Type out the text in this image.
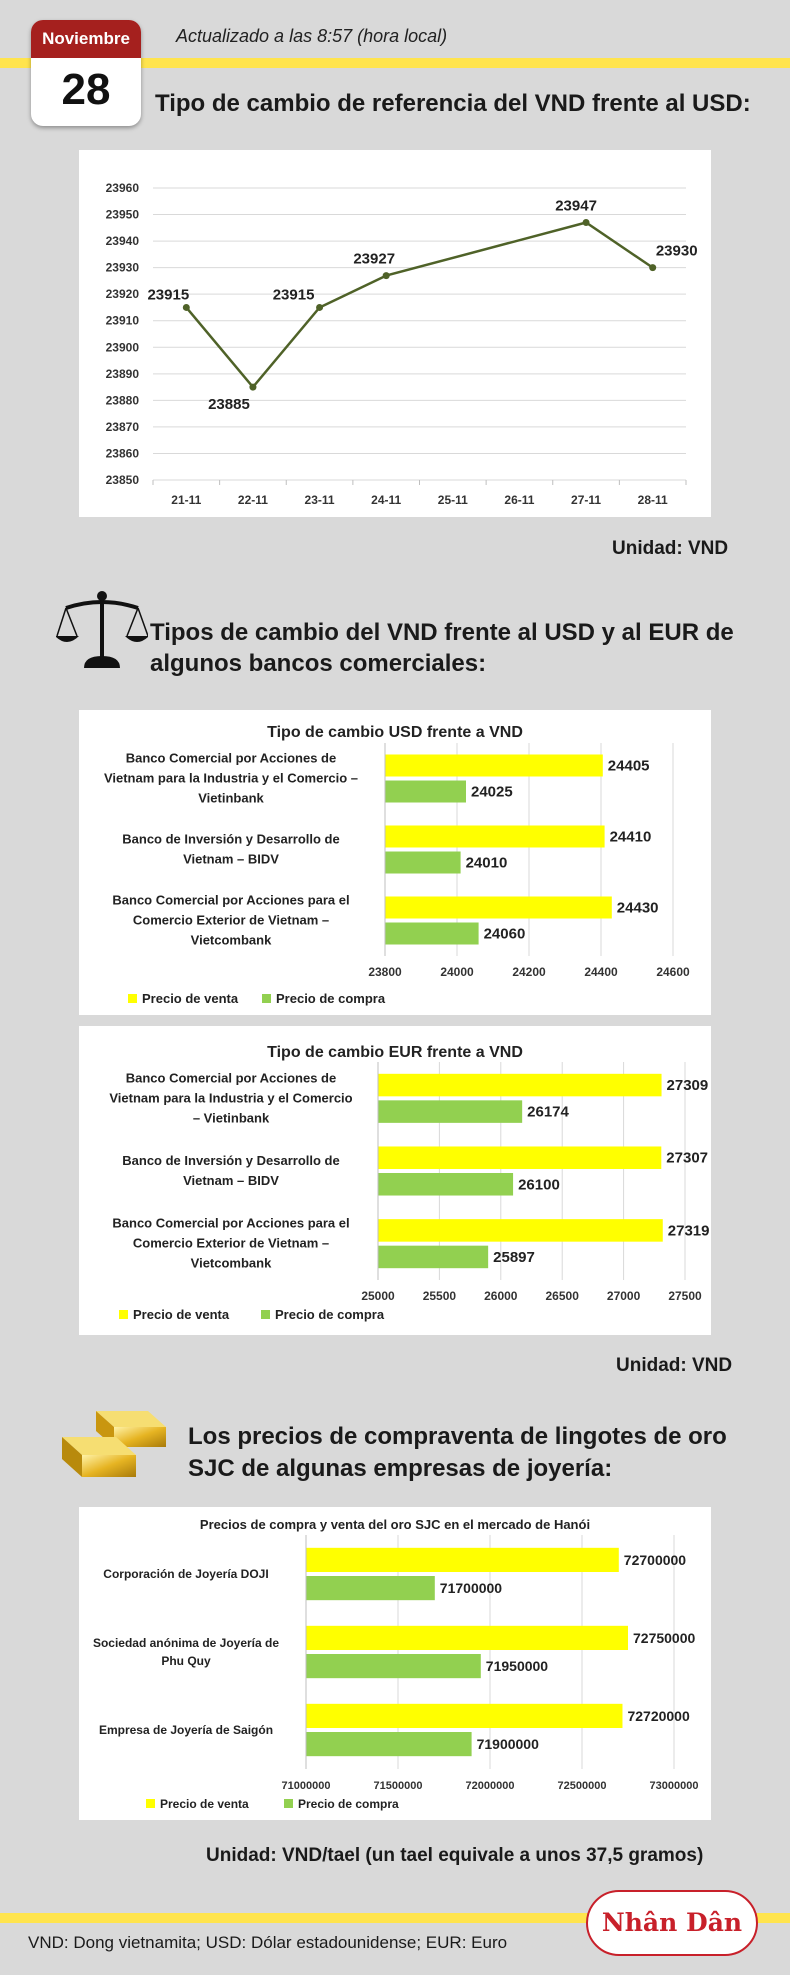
Noviembre
28
Actualizado a las 8:57 (hora local)
Tipo de cambio de referencia del VND frente al USD:
23850
23860
23870
23880
23890
23900
23910
23920
23930
23940
23950
23960
21-11	22-11	23-11	24-11	25-11	26-11	27-11	28-11
23915
23885
23915
23927
23947
23930
Unidad: VND
Tipos de cambio del VND frente al USD y al EUR de
algunos bancos comerciales:
Tipo de cambio USD frente a VND
23800	24000	24200	24400	24600
Banco Comercial por Acciones de
Vietnam para la Industria y el Comercio –
Vietinbank
24405
24025
Banco de Inversión y Desarrollo de
Vietnam – BIDV
24410
24010
Banco Comercial por Acciones para el
Comercio Exterior de Vietnam –
Vietcombank
24430
24060
Precio de venta	Precio de compra
Tipo de cambio EUR frente a VND
25000 25500 26000 26500 27000 27500
Banco Comercial por Acciones de
Vietnam para la Industria y el Comercio
– Vietinbank
27309
26174
Banco de Inversión y Desarrollo de
Vietnam – BIDV
27307
26100
Banco Comercial por Acciones para el
Comercio Exterior de Vietnam –
Vietcombank
27319
25897
Precio de venta	Precio de compra
Unidad: VND
Los precios de compraventa de lingotes de oro
SJC de algunas empresas de joyería:
Precios de compra y venta del oro SJC en el mercado de Hanói
71000000	71500000	72000000	72500000	73000000
Corporación de Joyería DOJI
72700000
71700000
Sociedad anónima de Joyería de
Phu Quy
72750000
71950000
Empresa de Joyería de Saigón
72720000
71900000
Precio de venta	Precio de compra
Unidad: VND/tael (un tael equivale a unos 37,5 gramos)
VND: Dong vietnamita; USD: Dólar estadounidense; EUR: Euro
Nhân Dân
